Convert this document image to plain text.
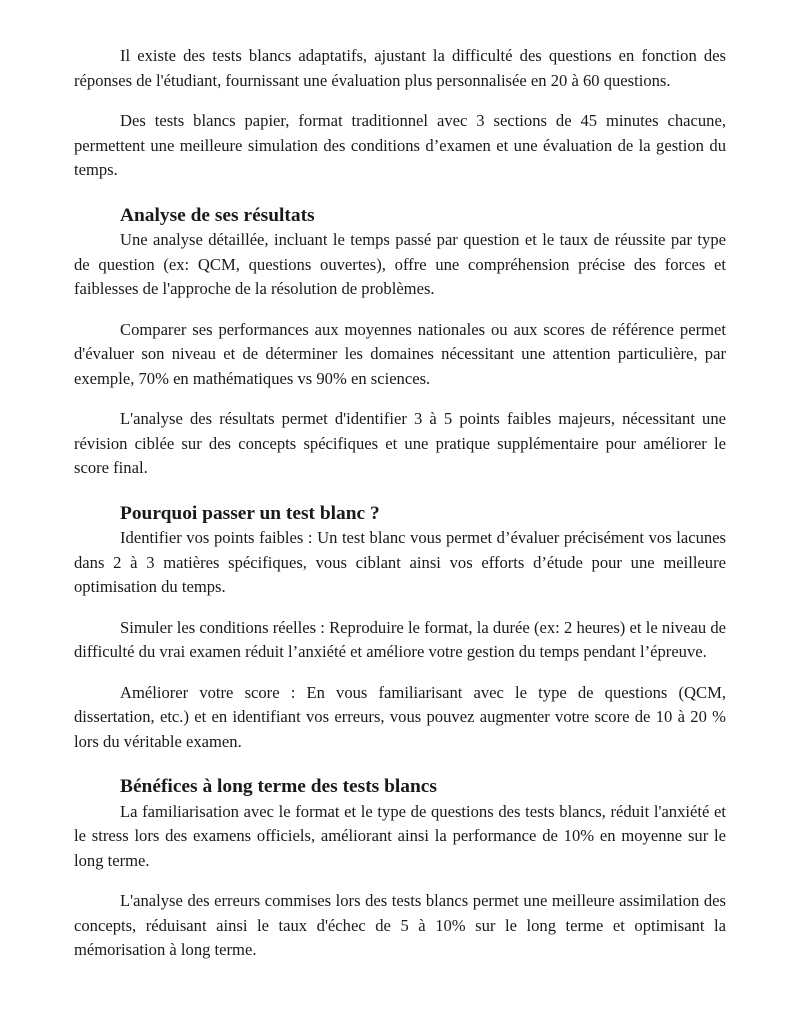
Il existe des tests blancs adaptatifs, ajustant la difficulté des questions en fonction des réponses de l'étudiant, fournissant une évaluation plus personnalisée en 20 à 60 questions.

Des tests blancs papier, format traditionnel avec 3 sections de 45 minutes chacune, permettent une meilleure simulation des conditions d’examen et une évaluation de la gestion du temps.

Analyse de ses résultats

Une analyse détaillée, incluant le temps passé par question et le taux de réussite par type de question (ex: QCM, questions ouvertes), offre une compréhension précise des forces et faiblesses de l'approche de la résolution de problèmes.

Comparer ses performances aux moyennes nationales ou aux scores de référence permet d'évaluer son niveau et de déterminer les domaines nécessitant une attention particulière, par exemple, 70% en mathématiques vs 90% en sciences.

L'analyse des résultats permet d'identifier 3 à 5 points faibles majeurs, nécessitant une révision ciblée sur des concepts spécifiques et une pratique supplémentaire pour améliorer le score final.

Pourquoi passer un test blanc ?

Identifier vos points faibles : Un test blanc vous permet d’évaluer précisément vos lacunes dans 2 à 3 matières spécifiques, vous ciblant ainsi vos efforts d’étude pour une meilleure optimisation du temps.

Simuler les conditions réelles : Reproduire le format, la durée (ex: 2 heures) et le niveau de difficulté du vrai examen réduit l’anxiété et améliore votre gestion du temps pendant l’épreuve.

Améliorer votre score : En vous familiarisant avec le type de questions (QCM, dissertation, etc.) et en identifiant vos erreurs, vous pouvez augmenter votre score de 10 à 20 % lors du véritable examen.

Bénéfices à long terme des tests blancs

La familiarisation avec le format et le type de questions des tests blancs, réduit l'anxiété et le stress lors des examens officiels, améliorant ainsi la performance de 10% en moyenne sur le long terme.

L'analyse des erreurs commises lors des tests blancs permet une meilleure assimilation des concepts, réduisant ainsi le taux d'échec de 5 à 10% sur le long terme et optimisant la mémorisation à long terme.
